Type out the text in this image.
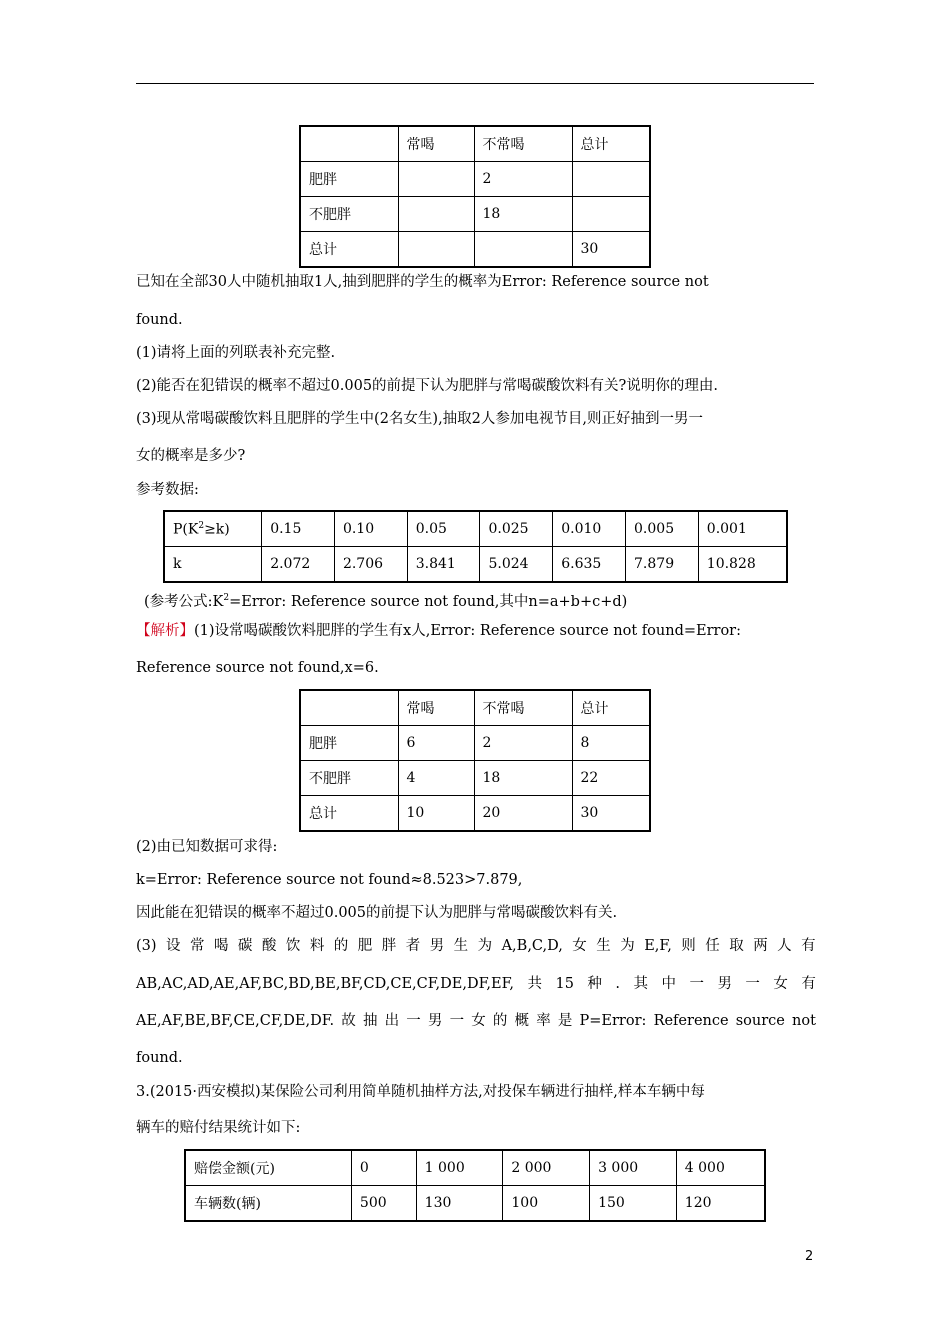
	常喝	不常喝	总计
肥胖		2	
不肥胖		18	
总计			30
已知在全部30人中随机抽取1人,抽到肥胖的学生的概率为Error: Reference source not
found.
(1)请将上面的列联表补充完整.
(2)能否在犯错误的概率不超过0.005的前提下认为肥胖与常喝碳酸饮料有关?说明你的理由.
(3)现从常喝碳酸饮料且肥胖的学生中(2名女生),抽取2人参加电视节目,则正好抽到一男一
女的概率是多少?
参考数据:
$P(K^2\ge k)$	0.15	0.10	0.05	0.025	0.010	0.005	0.001
k	2.072	2.706	3.841	5.024	6.635	7.879	10.828
(参考公式$:K^2=Error$: Reference source not found,其中n=a+b+c+d)
【解析】(1)设常喝碳酸饮料肥胖的学生有x人,Error: Reference source not found=Error:
Reference source not found,x=6.
	常喝	不常喝	总计
肥胖	6	2	8
不肥胖	4	18	22
总计	10	20	30
(2)由已知数据可求得:
k=Error: Reference source not found≈8.523>7.879,
因此能在犯错误的概率不超过0.005的前提下认为肥胖与常喝碳酸饮料有关.
(3) 设 常 喝 碳 酸 饮 料 的 肥 胖 者 男 生 为 A,B,C,D, 女 生 为 E,F, 则 任 取 两 人 有
AB,AC,AD,AE,AF,BC,BD,BE,BF,CD,CE,CF,DE,DF,EF, 共 15 种 . 其 中 一 男 一 女 有
AE,AF,BE,BF,CE,CF,DE,DF. 故 抽 出 一 男 一 女 的 概 率 是 P=Error: Reference source not
found.
3.(2015·西安模拟)某保险公司利用简单随机抽样方法,对投保车辆进行抽样,样本车辆中每
辆车的赔付结果统计如下:
赔偿金额(元)	0	1 000	2 000	3 000	4 000
车辆数(辆)	500	130	100	150	120
2
